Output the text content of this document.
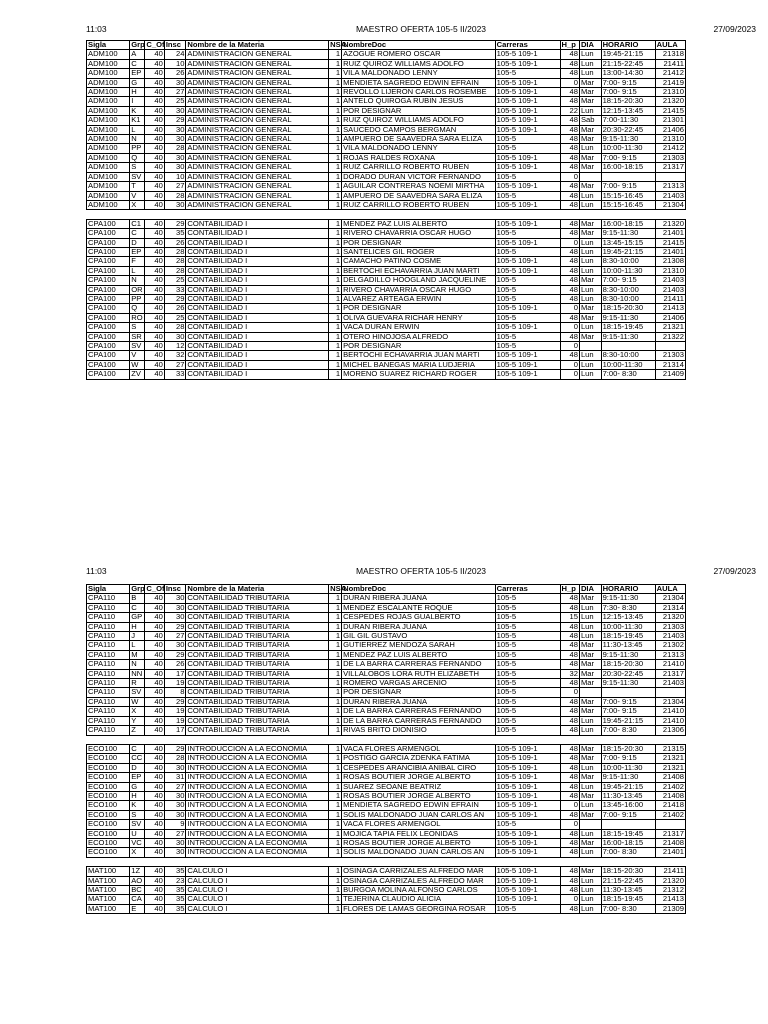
11:03	MAESTRO OFERTA 105-5 II/2023	27/09/2023
Sigla	Grp	C_Of	Insc	Nombre de la Materia	NSA	NombreDoc	Carreras	H_p	DIA	HORARIO	AULA
ADM100	A	40	24	ADMINISTRACION GENERAL	1	AZOGUE ROMERO OSCAR	105-5 109-1	48	Lun	19:45-21:15	21318
ADM100	C	40	10	ADMINISTRACION GENERAL	1	RUIZ QUIROZ WILLIAMS ADOLFO	105-5 109-1	48	Lun	21:15-22:45	21411
ADM100	EP	40	26	ADMINISTRACION GENERAL	1	VILA MALDONADO LENNY	105-5	48	Lun	13:00-14:30	21412
ADM100	G	40	30	ADMINISTRACION GENERAL	1	MENDIETA SAGREDO EDWIN EFRAIN	105-5 109-1	0	Mar	7:00- 9:15	21419
ADM100	H	40	27	ADMINISTRACION GENERAL	1	REVOLLO LIJERON CARLOS ROSEMBE	105-5 109-1	48	Mar	7:00- 9:15	21310
ADM100	I	40	25	ADMINISTRACION GENERAL	1	ANTELO QUIROGA RUBIN JESUS	105-5 109-1	48	Mar	18:15-20:30	21320
ADM100	K	40	30	ADMINISTRACION GENERAL	1	POR DESIGNAR	105-5 109-1	22	Lun	12:15-13:45	21415
ADM100	K1	40	29	ADMINISTRACION GENERAL	1	RUIZ QUIROZ WILLIAMS ADOLFO	105-5 109-1	48	Sab	7:00-11:30	21301
ADM100	L	40	30	ADMINISTRACION GENERAL	1	SAUCEDO CAMPOS BERGMAN	105-5 109-1	48	Mar	20:30-22:45	21406
ADM100	N	40	30	ADMINISTRACION GENERAL	1	AMPUERO DE SAAVEDRA SARA ELIZA	105-5	48	Mar	9:15-11:30	21310
ADM100	PP	40	28	ADMINISTRACION GENERAL	1	VILA MALDONADO LENNY	105-5	48	Lun	10:00-11:30	21412
ADM100	Q	40	30	ADMINISTRACION GENERAL	1	ROJAS RALDES ROXANA	105-5 109-1	48	Mar	7:00- 9:15	21303
ADM100	S	40	30	ADMINISTRACION GENERAL	1	RUIZ CARRILLO ROBERTO RUBEN	105-5 109-1	48	Mar	16:00-18:15	21317
ADM100	SV	40	10	ADMINISTRACION GENERAL	1	DORADO DURAN VICTOR FERNANDO	105-5	0			
ADM100	T	40	27	ADMINISTRACION GENERAL	1	AGUILAR CONTRERAS NOEMI MIRTHA	105-5 109-1	48	Mar	7:00- 9:15	21313
ADM100	V	40	28	ADMINISTRACION GENERAL	1	AMPUERO DE SAAVEDRA SARA ELIZA	105-5	48	Lun	15:15-16:45	21403
ADM100	X	40	30	ADMINISTRACION GENERAL	1	RUIZ CARRILLO ROBERTO RUBEN	105-5 109-1	48	Lun	15:15-16:45	21304

CPA100	C1	40	29	CONTABILIDAD I	1	MENDEZ PAZ LUIS ALBERTO	105-5 109-1	48	Mar	16:00-18:15	21320
CPA100	C	40	35	CONTABILIDAD I	1	RIVERO CHAVARRIA OSCAR HUGO	105-5	48	Mar	9:15-11:30	21401
CPA100	D	40	26	CONTABILIDAD I	1	POR DESIGNAR	105-5 109-1	0	Lun	13:45-15:15	21415
CPA100	EP	40	28	CONTABILIDAD I	1	SANTELICES GIL ROGER	105-5	48	Lun	19:45-21:15	21401
CPA100	F	40	28	CONTABILIDAD I	1	CAMACHO PATINO COSME	105-5 109-1	48	Lun	8:30-10:00	21308
CPA100	L	40	28	CONTABILIDAD I	1	BERTOCHI ECHAVARRIA JUAN MARTI	105-5 109-1	48	Lun	10:00-11:30	21310
CPA100	N	40	25	CONTABILIDAD I	1	DELGADILLO HOOGLAND JACQUELINE	105-5	48	Mar	7:00- 9:15	21403
CPA100	OR	40	33	CONTABILIDAD I	1	RIVERO CHAVARRIA OSCAR HUGO	105-5	48	Lun	8:30-10:00	21403
CPA100	PP	40	29	CONTABILIDAD I	1	ALVAREZ ARTEAGA ERWIN	105-5	48	Lun	8:30-10:00	21411
CPA100	Q	40	26	CONTABILIDAD I	1	POR DESIGNAR	105-5 109-1	0	Mar	18:15-20:30	21413
CPA100	RO	40	25	CONTABILIDAD I	1	OLIVA GUEVARA RICHAR HENRY	105-5	48	Mar	9:15-11:30	21406
CPA100	S	40	28	CONTABILIDAD I	1	VACA DURAN ERWIN	105-5 109-1	0	Lun	18:15-19:45	21321
CPA100	SR	40	30	CONTABILIDAD I	1	OTERO HINOJOSA ALFREDO	105-5	48	Mar	9:15-11:30	21322
CPA100	SV	40	12	CONTABILIDAD I	1	POR DESIGNAR	105-5	0			
CPA100	V	40	32	CONTABILIDAD I	1	BERTOCHI ECHAVARRIA JUAN MARTI	105-5 109-1	48	Lun	8:30-10:00	21303
CPA100	W	40	27	CONTABILIDAD I	1	MICHEL BANEGAS MARIA LUDJERIA	105-5 109-1	0	Lun	10:00-11:30	21314
CPA100	ZV	40	33	CONTABILIDAD I	1	MORENO SUAREZ RICHARD ROGER	105-5 109-1	0	Lun	7:00- 8:30	21409
11:03	MAESTRO OFERTA 105-5 II/2023	27/09/2023
Sigla	Grp	C_Of	Insc	Nombre de la Materia	NSA	NombreDoc	Carreras	H_p	DIA	HORARIO	AULA
CPA110	B	40	30	CONTABILIDAD TRIBUTARIA	1	DURAN RIBERA JUANA	105-5	48	Mar	9:15-11:30	21304
CPA110	C	40	30	CONTABILIDAD TRIBUTARIA	1	MENDEZ ESCALANTE ROQUE	105-5	48	Lun	7:30- 8:30	21314
CPA110	GP	40	30	CONTABILIDAD TRIBUTARIA	1	CESPEDES ROJAS GUALBERTO	105-5	15	Lun	12:15-13:45	21320
CPA110	H	40	29	CONTABILIDAD TRIBUTARIA	1	DURAN RIBERA JUANA	105-5	48	Lun	10:00-11:30	21303
CPA110	J	40	27	CONTABILIDAD TRIBUTARIA	1	GIL GIL GUSTAVO	105-5	48	Lun	18:15-19:45	21403
CPA110	L	40	30	CONTABILIDAD TRIBUTARIA	1	GUTIERREZ MENDOZA SARAH	105-5	48	Mar	11:30-13:45	21302
CPA110	M	40	29	CONTABILIDAD TRIBUTARIA	1	MENDEZ PAZ LUIS ALBERTO	105-5	48	Mar	9:15-11:30	21313
CPA110	N	40	26	CONTABILIDAD TRIBUTARIA	1	DE LA BARRA CARRERAS FERNANDO	105-5	48	Mar	18:15-20:30	21410
CPA110	NN	40	17	CONTABILIDAD TRIBUTARIA	1	VILLALOBOS LORA RUTH ELIZABETH	105-5	32	Mar	20:30-22:45	21317
CPA110	R	40	19	CONTABILIDAD TRIBUTARIA	1	ROMERO VARGAS ARCENIO	105-5	48	Mar	9:15-11:30	21403
CPA110	SV	40	8	CONTABILIDAD TRIBUTARIA	1	POR DESIGNAR	105-5	0			
CPA110	W	40	29	CONTABILIDAD TRIBUTARIA	1	DURAN RIBERA JUANA	105-5	48	Mar	7:00- 9:15	21304
CPA110	X	40	19	CONTABILIDAD TRIBUTARIA	1	DE LA BARRA CARRERAS FERNANDO	105-5	48	Mar	7:00- 9:15	21410
CPA110	Y	40	19	CONTABILIDAD TRIBUTARIA	1	DE LA BARRA CARRERAS FERNANDO	105-5	48	Lun	19:45-21:15	21410
CPA110	Z	40	17	CONTABILIDAD TRIBUTARIA	1	RIVAS BRITO DIONISIO	105-5	48	Lun	7:00- 8:30	21306

ECO100	C	40	29	INTRODUCCION A LA ECONOMIA	1	VACA FLORES ARMENGOL	105-5 109-1	48	Mar	18:15-20:30	21315
ECO100	CC	40	28	INTRODUCCION A LA ECONOMIA	1	POSTIGO GARCIA ZDENKA FATIMA	105-5 109-1	48	Mar	7:00- 9:15	21321
ECO100	D	40	30	INTRODUCCION A LA ECONOMIA	1	CESPEDES ARANCIBIA ANIBAL CIRO	105-5 109-1	48	Lun	10:00-11:30	21321
ECO100	EP	40	31	INTRODUCCION A LA ECONOMIA	1	ROSAS BOUTIER JORGE ALBERTO	105-5 109-1	48	Mar	9:15-11:30	21408
ECO100	G	40	27	INTRODUCCION A LA ECONOMIA	1	SUAREZ SEOANE BEATRIZ	105-5 109-1	48	Lun	19:45-21:15	21402
ECO100	H	40	30	INTRODUCCION A LA ECONOMIA	1	ROSAS BOUTIER JORGE ALBERTO	105-5 109-1	48	Mar	11:30-13:45	21408
ECO100	K	40	30	INTRODUCCION A LA ECONOMIA	1	MENDIETA SAGREDO EDWIN EFRAIN	105-5 109-1	0	Lun	13:45-16:00	21418
ECO100	S	40	30	INTRODUCCION A LA ECONOMIA	1	SOLIS MALDONADO JUAN CARLOS AN	105-5 109-1	48	Mar	7:00- 9:15	21402
ECO100	SV	40	9	INTRODUCCION A LA ECONOMIA	1	VACA FLORES ARMENGOL	105-5	0			
ECO100	U	40	27	INTRODUCCION A LA ECONOMIA	1	MOJICA TAPIA FELIX LEONIDAS	105-5 109-1	48	Lun	18:15-19:45	21317
ECO100	VC	40	30	INTRODUCCION A LA ECONOMIA	1	ROSAS BOUTIER JORGE ALBERTO	105-5 109-1	48	Mar	16:00-18:15	21408
ECO100	X	40	30	INTRODUCCION A LA ECONOMIA	1	SOLIS MALDONADO JUAN CARLOS AN	105-5 109-1	48	Lun	7:00- 8:30	21401

MAT100	1Z	40	35	CALCULO I	1	OSINAGA CARRIZALES ALFREDO MAR	105-5 109-1	48	Mar	18:15-20:30	21411
MAT100	AO	40	23	CALCULO I	1	OSINAGA CARRIZALES ALFREDO MAR	105-5 109-1	48	Lun	21:15-22:45	21320
MAT100	BC	40	35	CALCULO I	1	BURGOA MOLINA ALFONSO CARLOS	105-5 109-1	48	Lun	11:30-13:45	21312
MAT100	CA	40	35	CALCULO I	1	TEJERINA CLAUDIO ALICIA	105-5 109-1	0	Lun	18:15-19:45	21413
MAT100	E	40	35	CALCULO I	1	FLORES DE LAMAS GEORGINA ROSAR	105-5	48	Lun	7:00- 8:30	21309
